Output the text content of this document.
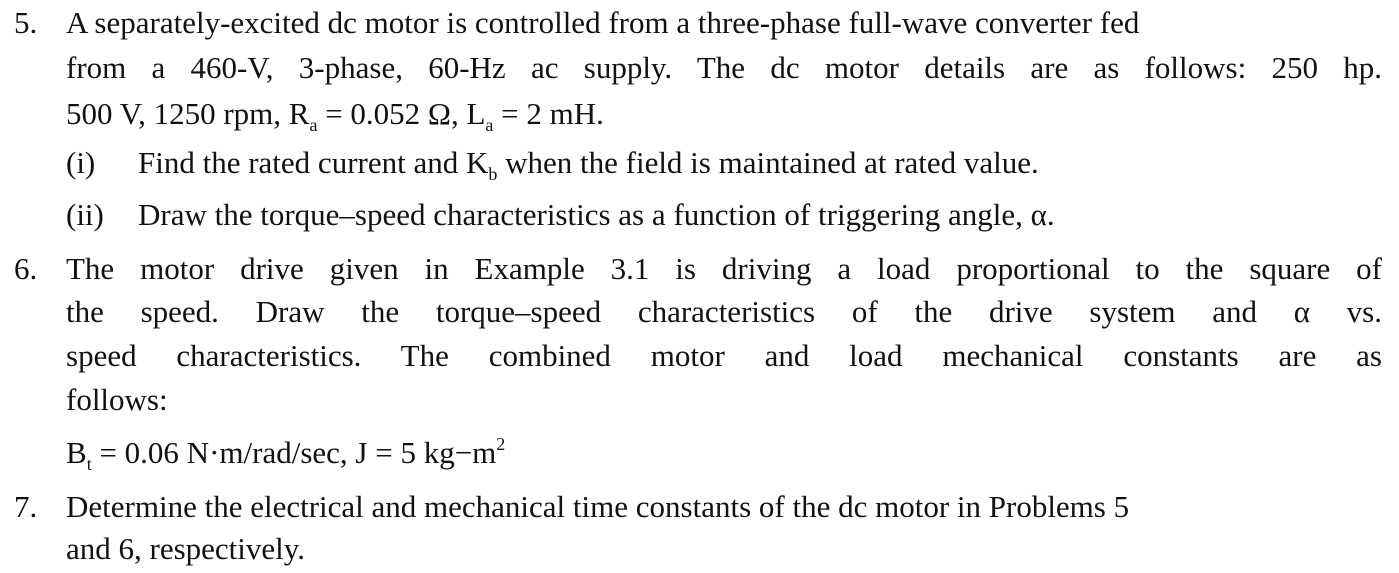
5. A separately-excited dc motor is controlled from a three-phase full-wave converter fed
from a 460-V, 3-phase, 60-Hz ac supply. The dc motor details are as follows: 250 hp.
500 V, 1250 rpm, $R_a = 0.052$ Ω, $L_a = 2$ mH.
(i) Find the rated current and $K_b$ when the field is maintained at rated value.
(ii) Draw the torque–speed characteristics as a function of triggering angle, α.
6. The motor drive given in Example 3.1 is driving a load proportional to the square of
the speed. Draw the torque–speed characteristics of the drive system and α vs.
speed characteristics. The combined motor and load mechanical constants are as
follows:
$B_t = 0.06$ N·m/rad/sec, J = 5 $kg-m^2$
7. Determine the electrical and mechanical time constants of the dc motor in Problems 5
and 6, respectively.
